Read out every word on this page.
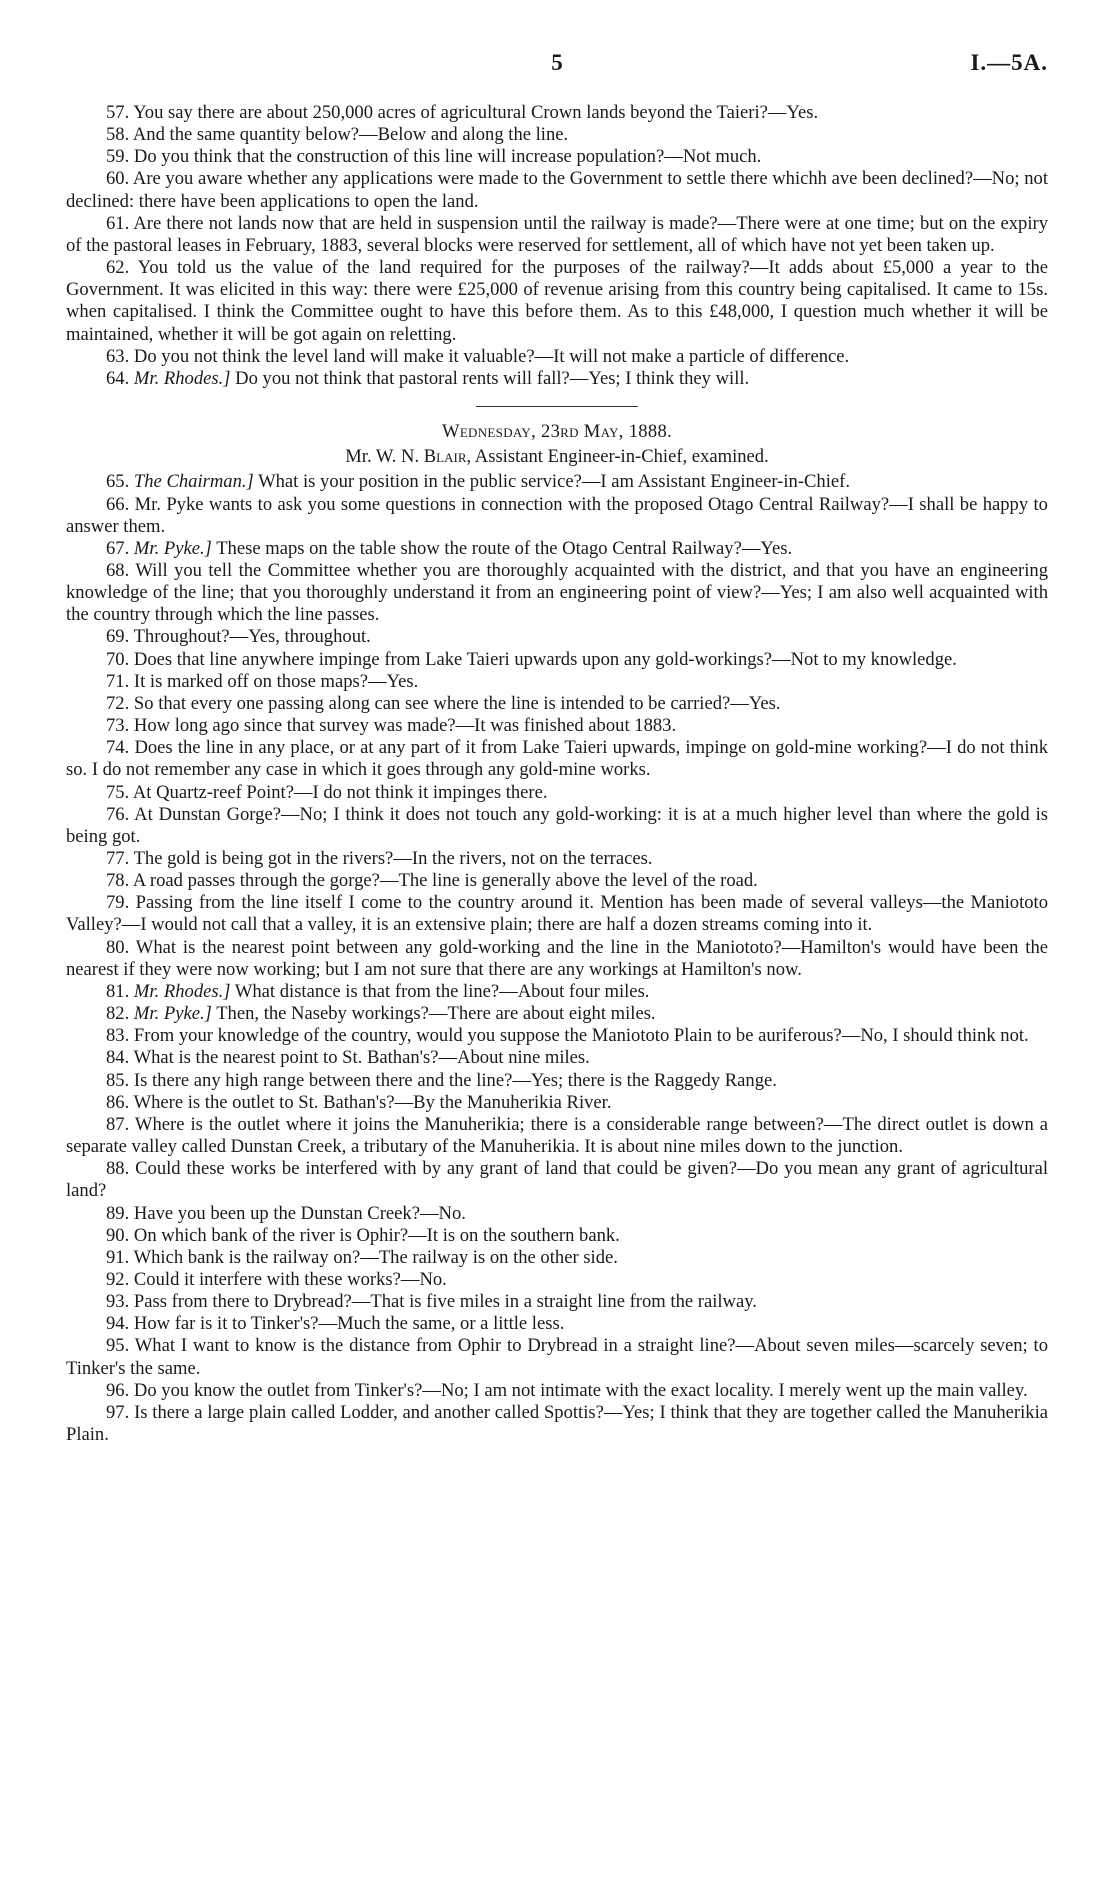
5	I.—5A.

57. You say there are about 250,000 acres of agricultural Crown lands beyond the Taieri?—Yes.

58. And the same quantity below?—Below and along the line.

59. Do you think that the construction of this line will increase population?—Not much.

60. Are you aware whether any applications were made to the Government to settle there whichh ave been declined?—No; not declined: there have been applications to open the land.

61. Are there not lands now that are held in suspension until the railway is made?—There were at one time; but on the expiry of the pastoral leases in February, 1883, several blocks were reserved for settlement, all of which have not yet been taken up.

62. You told us the value of the land required for the purposes of the railway?—It adds about £5,000 a year to the Government. It was elicited in this way: there were £25,000 of revenue arising from this country being capitalised. It came to 15s. when capitalised. I think the Committee ought to have this before them. As to this £48,000, I question much whether it will be maintained, whether it will be got again on reletting.

63. Do you not think the level land will make it valuable?—It will not make a particle of difference.

64. Mr. Rhodes.] Do you not think that pastoral rents will fall?—Yes; I think they will.

Wednesday, 23rd May, 1888.

Mr. W. N. Blair, Assistant Engineer-in-Chief, examined.

65. The Chairman.] What is your position in the public service?—I am Assistant Engineer-in-Chief.

66. Mr. Pyke wants to ask you some questions in connection with the proposed Otago Central Railway?—I shall be happy to answer them.

67. Mr. Pyke.] These maps on the table show the route of the Otago Central Railway?—Yes.

68. Will you tell the Committee whether you are thoroughly acquainted with the district, and that you have an engineering knowledge of the line; that you thoroughly understand it from an engineering point of view?—Yes; I am also well acquainted with the country through which the line passes.

69. Throughout?—Yes, throughout.

70. Does that line anywhere impinge from Lake Taieri upwards upon any gold-workings?—Not to my knowledge.

71. It is marked off on those maps?—Yes.

72. So that every one passing along can see where the line is intended to be carried?—Yes.

73. How long ago since that survey was made?—It was finished about 1883.

74. Does the line in any place, or at any part of it from Lake Taieri upwards, impinge on gold-mine working?—I do not think so. I do not remember any case in which it goes through any gold-mine works.

75. At Quartz-reef Point?—I do not think it impinges there.

76. At Dunstan Gorge?—No; I think it does not touch any gold-working: it is at a much higher level than where the gold is being got.

77. The gold is being got in the rivers?—In the rivers, not on the terraces.

78. A road passes through the gorge?—The line is generally above the level of the road.

79. Passing from the line itself I come to the country around it. Mention has been made of several valleys—the Maniototo Valley?—I would not call that a valley, it is an extensive plain; there are half a dozen streams coming into it.

80. What is the nearest point between any gold-working and the line in the Maniototo?—Hamilton's would have been the nearest if they were now working; but I am not sure that there are any workings at Hamilton's now.

81. Mr. Rhodes.] What distance is that from the line?—About four miles.

82. Mr. Pyke.] Then, the Naseby workings?—There are about eight miles.

83. From your knowledge of the country, would you suppose the Maniototo Plain to be auriferous?—No, I should think not.

84. What is the nearest point to St. Bathan's?—About nine miles.

85. Is there any high range between there and the line?—Yes; there is the Raggedy Range.

86. Where is the outlet to St. Bathan's?—By the Manuherikia River.

87. Where is the outlet where it joins the Manuherikia; there is a considerable range between?—The direct outlet is down a separate valley called Dunstan Creek, a tributary of the Manuherikia. It is about nine miles down to the junction.

88. Could these works be interfered with by any grant of land that could be given?—Do you mean any grant of agricultural land?

89. Have you been up the Dunstan Creek?—No.

90. On which bank of the river is Ophir?—It is on the southern bank.

91. Which bank is the railway on?—The railway is on the other side.

92. Could it interfere with these works?—No.

93. Pass from there to Drybread?—That is five miles in a straight line from the railway.

94. How far is it to Tinker's?—Much the same, or a little less.

95. What I want to know is the distance from Ophir to Drybread in a straight line?—About seven miles—scarcely seven; to Tinker's the same.

96. Do you know the outlet from Tinker's?—No; I am not intimate with the exact locality. I merely went up the main valley.

97. Is there a large plain called Lodder, and another called Spottis?—Yes; I think that they are together called the Manuherikia Plain.
